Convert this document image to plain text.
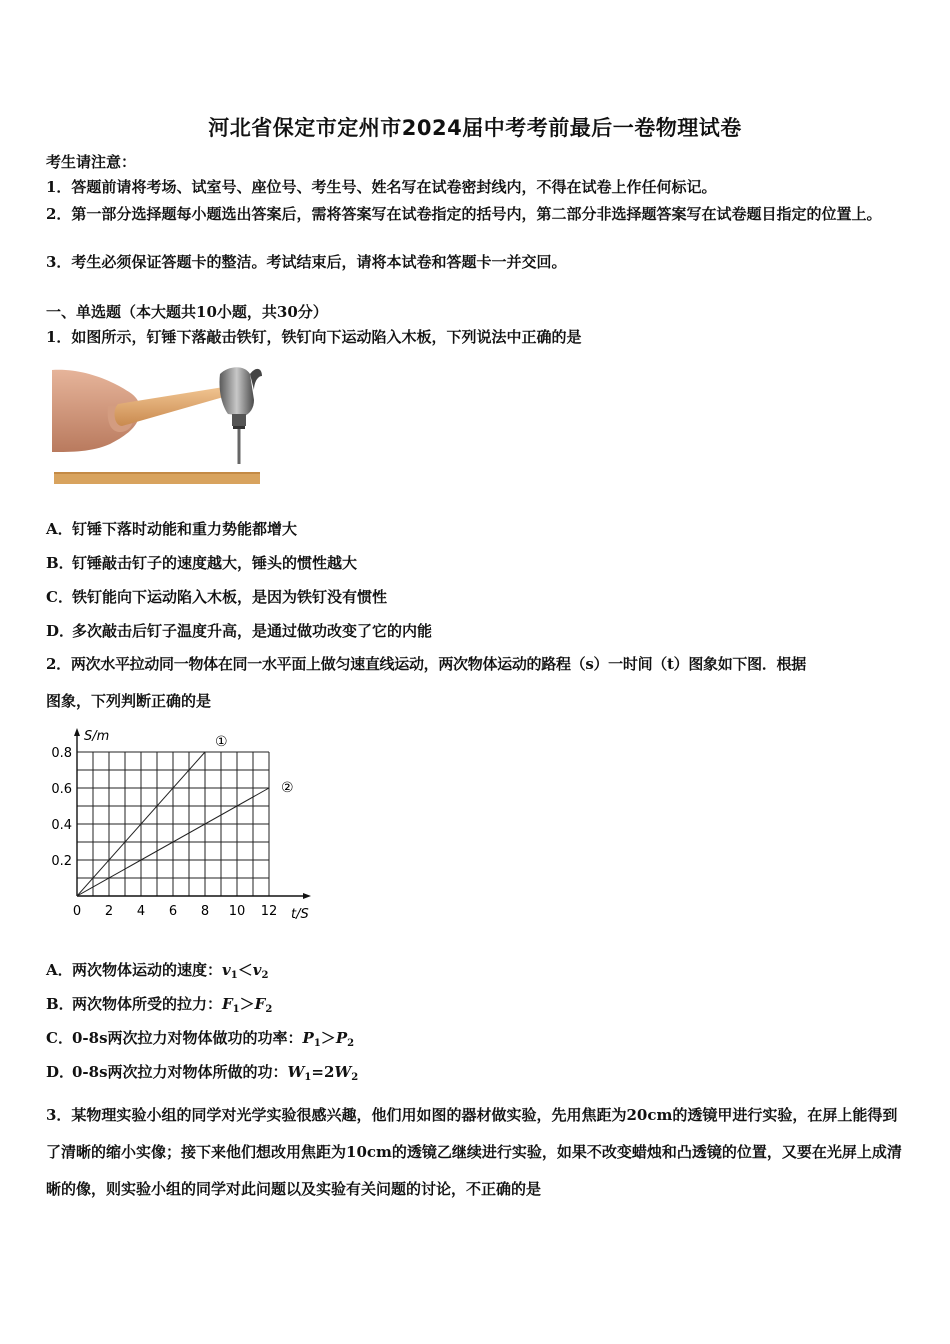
河北省保定市定州市2024届中考考前最后一卷物理试卷
考生请注意：
1．答题前请将考场、试室号、座位号、考生号、姓名写在试卷密封线内，不得在试卷上作任何标记。
2．第一部分选择题每小题选出答案后，需将答案写在试卷指定的括号内，第二部分非选择题答案写在试卷题目指定的位置上。
3．考生必须保证答题卡的整洁。考试结束后，请将本试卷和答题卡一并交回。
一、单选题（本大题共10小题，共30分）
1．如图所示，钉锤下落敲击铁钉，铁钉向下运动陷入木板，下列说法中正确的是
A．钉锤下落时动能和重力势能都增大
B．钉锤敲击钉子的速度越大，锤头的惯性越大
C．铁钉能向下运动陷入木板，是因为铁钉没有惯性
D．多次敲击后钉子温度升高，是通过做功改变了它的内能
2．两次水平拉动同一物体在同一水平面上做匀速直线运动，两次物体运动的路程（s）一时间（t）图象如下图．根据
图象，下列判断正确的是
①
②
0 2 4 6 8 10 12
0.2
0.4
0.6
0.8
t/S
S/m
A．两次物体运动的速度：$v_1<v_2$
B．两次物体所受的拉力：$F_1>F_2$
C．0-8s两次拉力对物体做功的功率：$P_1>P_2$
D．0-8s两次拉力对物体所做的功：$W_1=2W_2$
3．某物理实验小组的同学对光学实验很感兴趣，他们用如图的器材做实验，先用焦距为20cm的透镜甲进行实验，在屏上能得到了清晰的缩小实像；接下来他们想改用焦距为10cm的透镜乙继续进行实验，如果不改变蜡烛和凸透镜的位置，又要在光屏上成清晰的像，则实验小组的同学对此问题以及实验有关问题的讨论，不正确的是
